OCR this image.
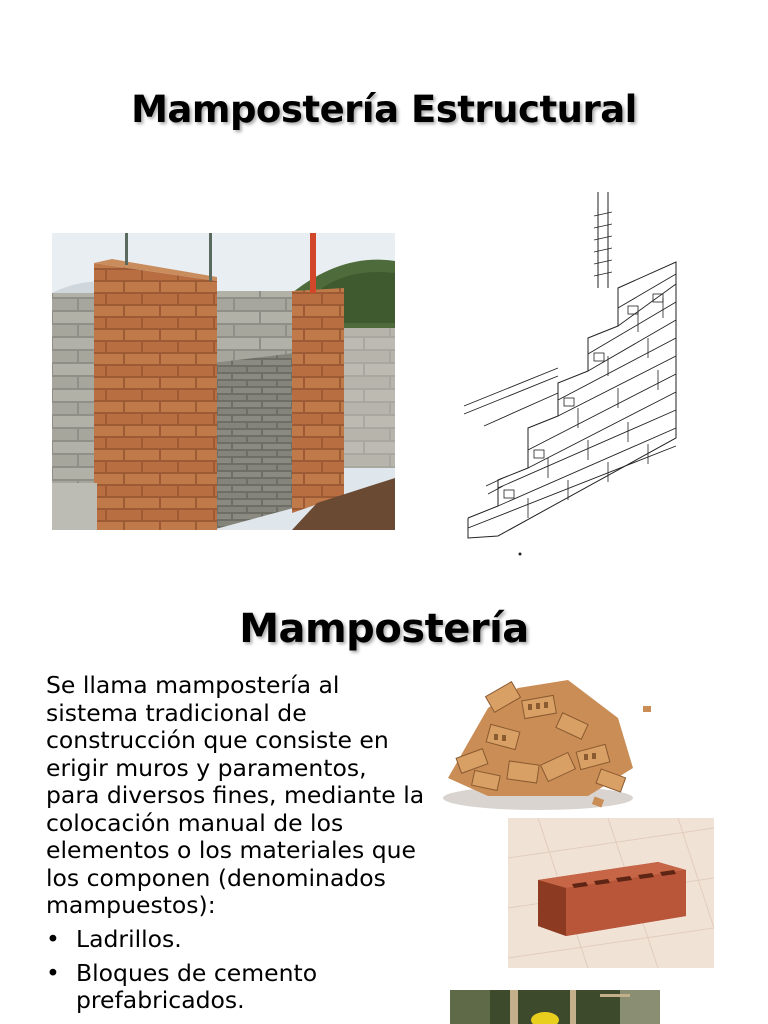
Mampostería Estructural
Mampostería

Se llama mampostería al sistema tradicional de construcción que consiste en erigir muros y paramentos, para diversos fines, mediante la colocación manual de los elementos o los materiales que los componen (denominados mampuestos):

• Ladrillos.
• Bloques de cemento prefabricados.
